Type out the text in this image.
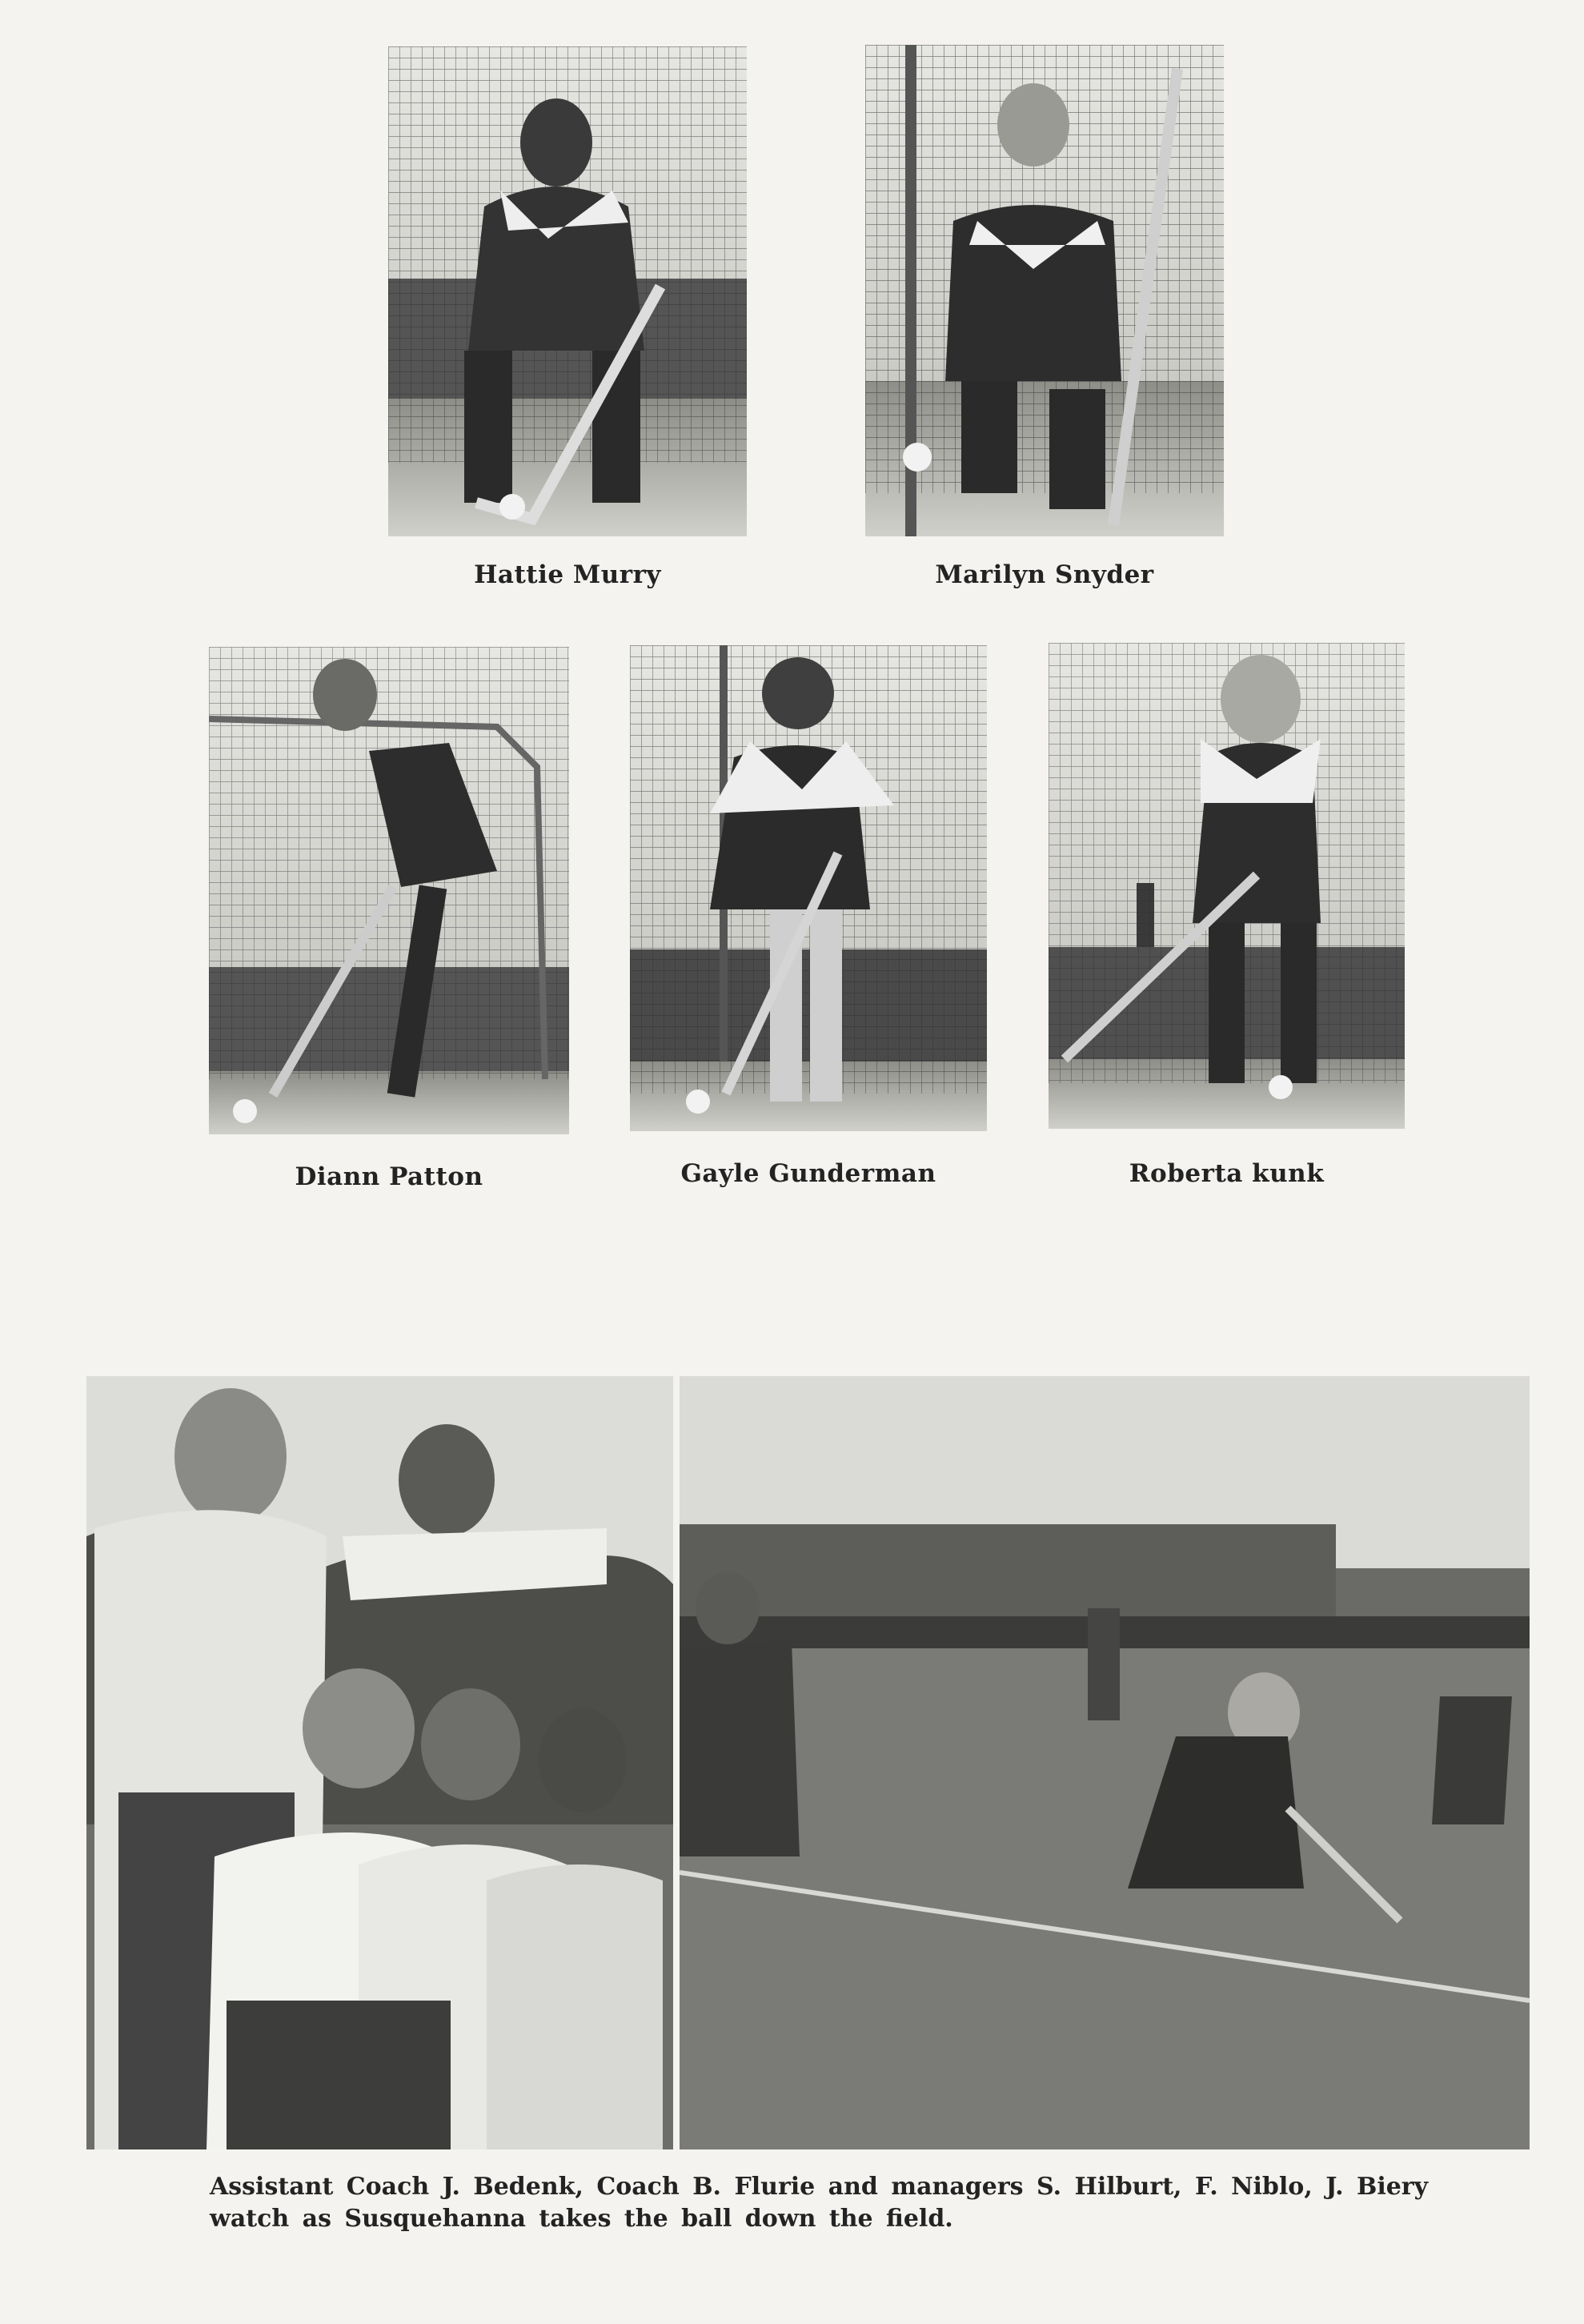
Hattie Murry	Marilyn Snyder
Diann Patton	Gayle Gunderman	Roberta kunk
Assistant Coach J. Bedenk, Coach B. Flurie and managers S. Hilburt, F. Niblo, J. Biery
watch as Susquehanna takes the ball down the field.
